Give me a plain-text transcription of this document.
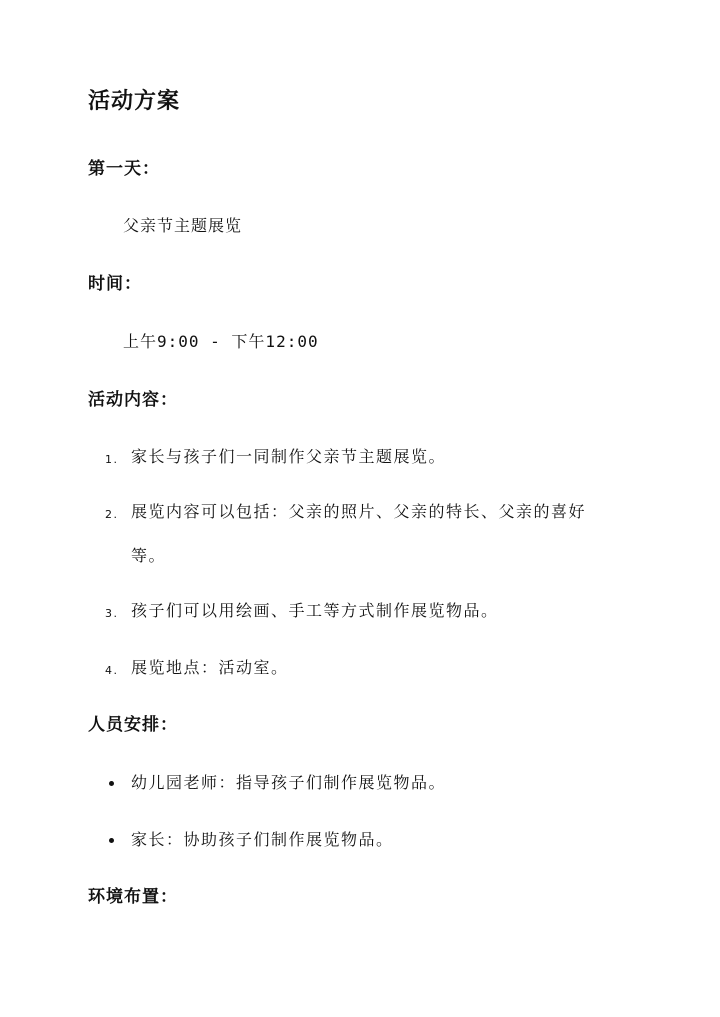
活动方案
第一天：
父亲节主题展览
时间：
上午9:00 - 下午12:00
活动内容：
1. 家长与孩子们一同制作父亲节主题展览。
2. 展览内容可以包括：父亲的照片、父亲的特长、父亲的喜好
等。
3. 孩子们可以用绘画、手工等方式制作展览物品。
4. 展览地点：活动室。
人员安排：
幼儿园老师：指导孩子们制作展览物品。
家长：协助孩子们制作展览物品。
环境布置：
